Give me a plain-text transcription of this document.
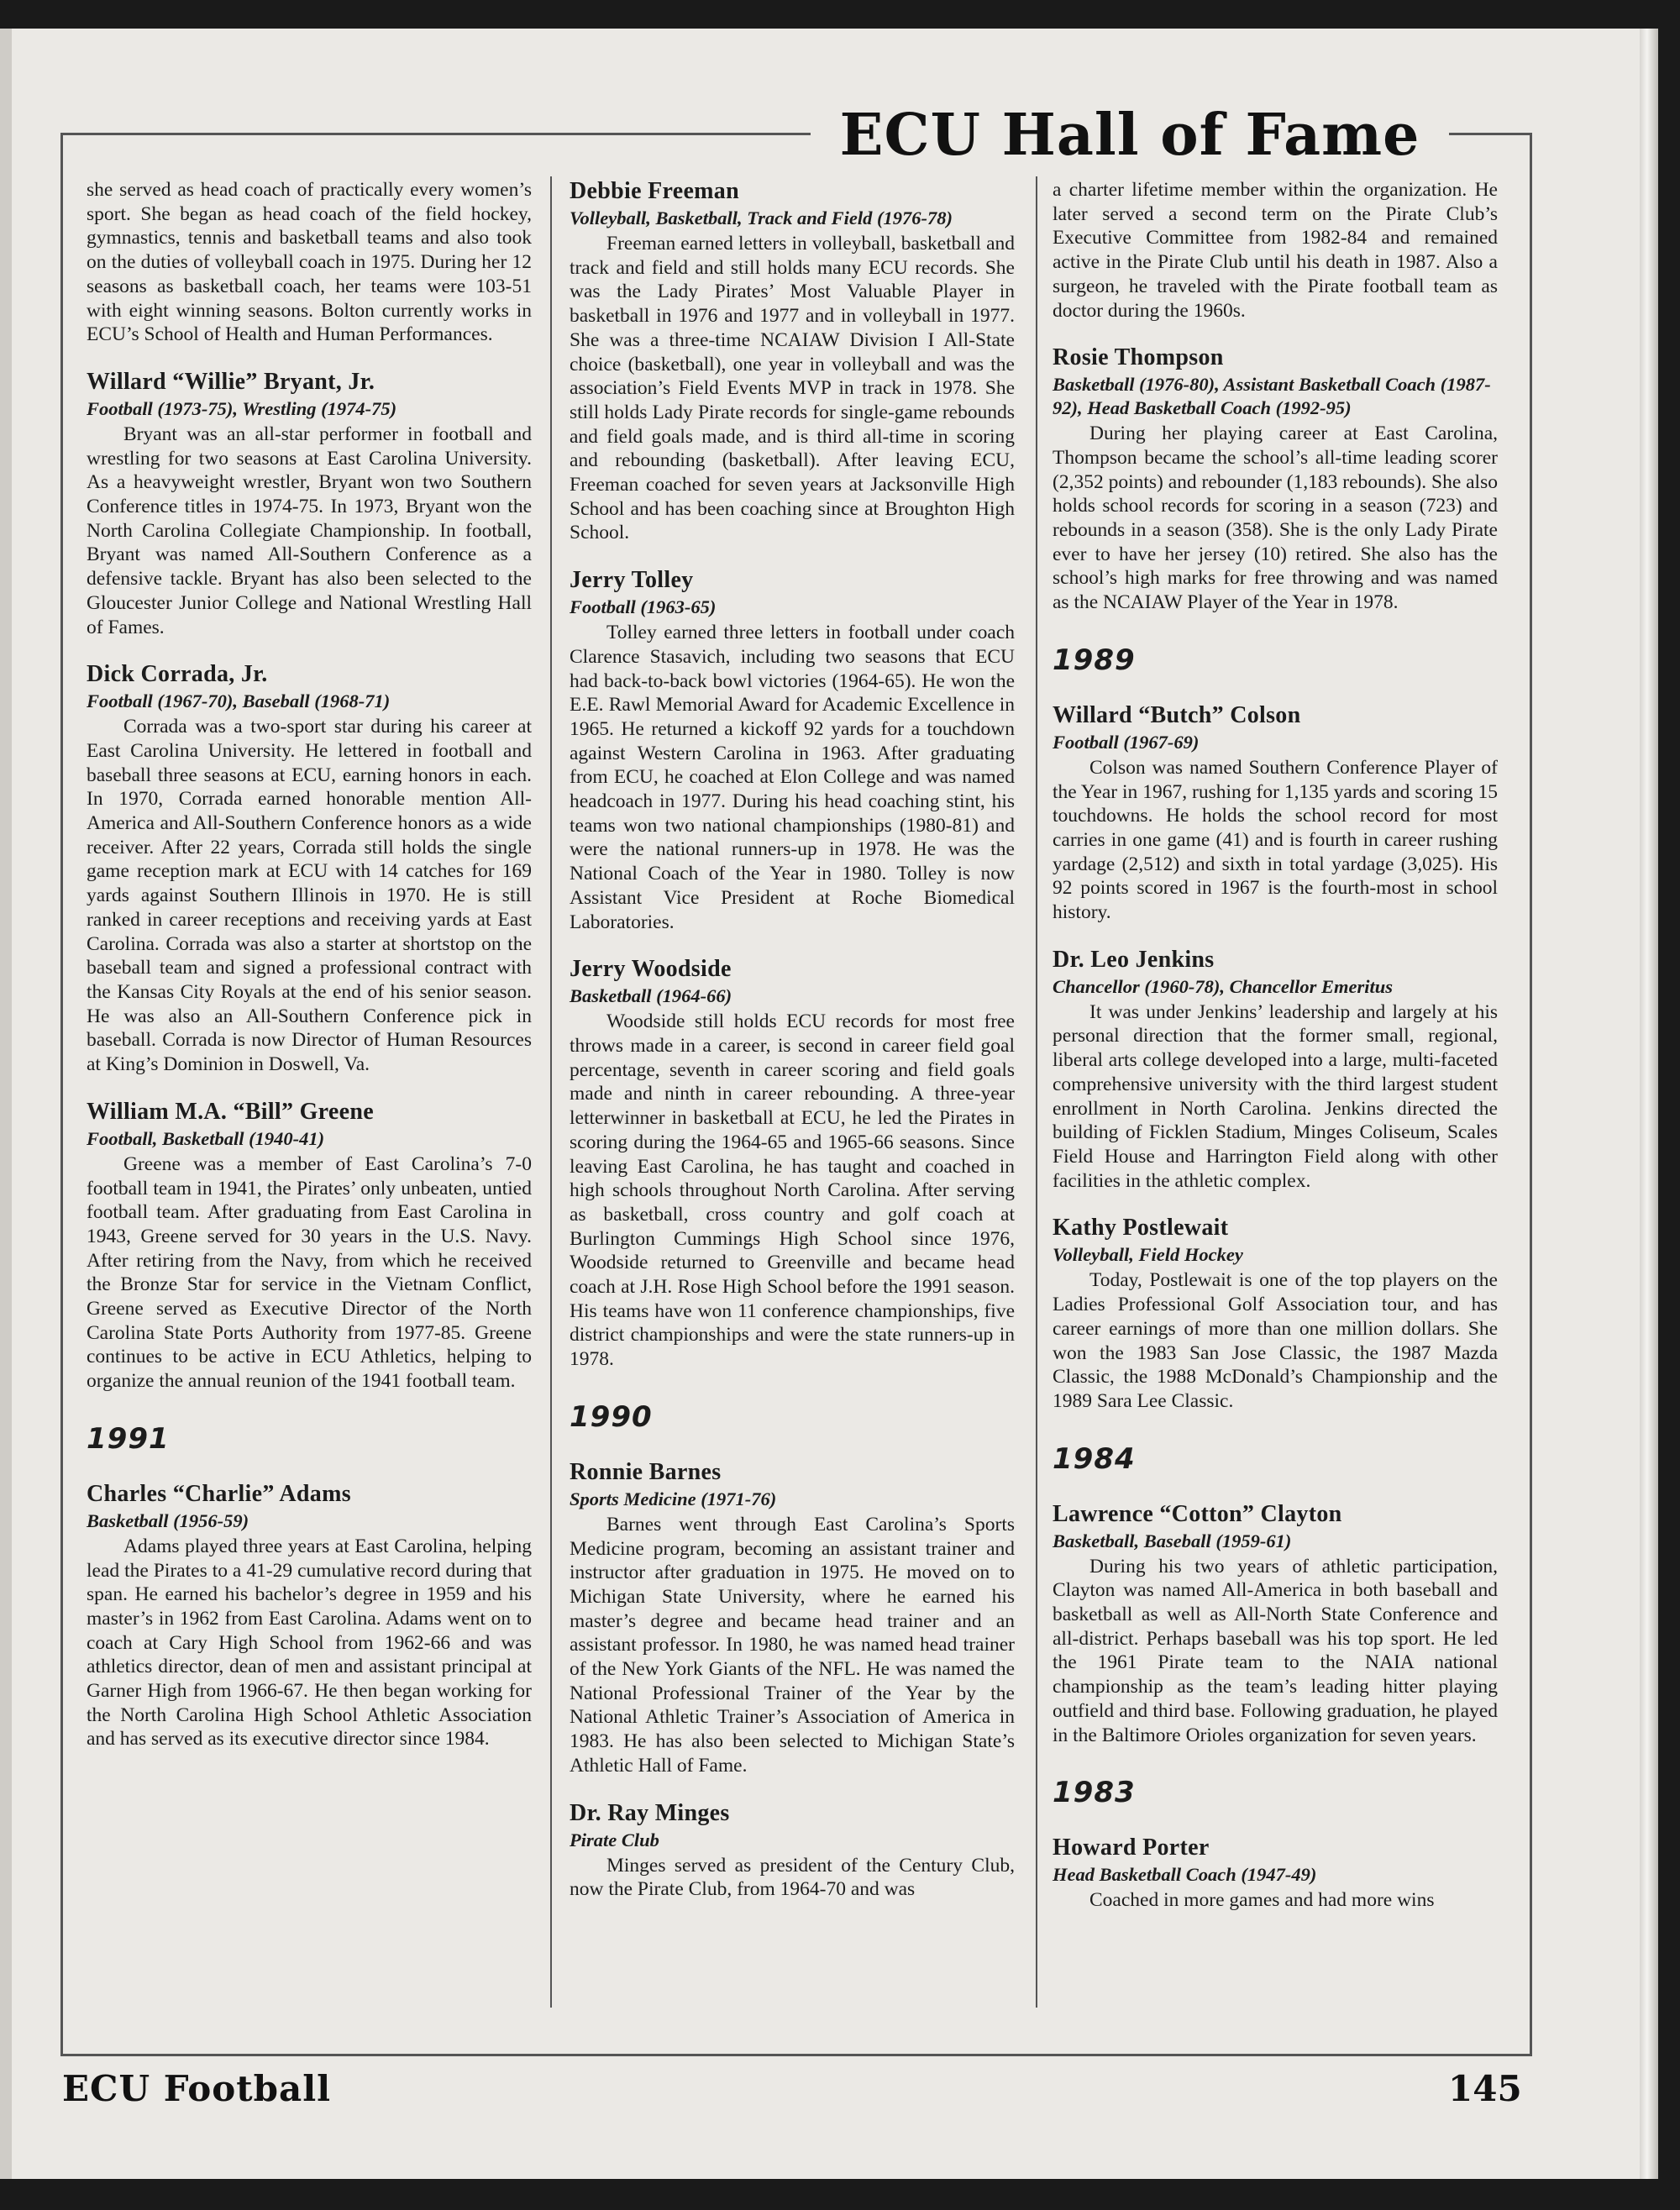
ECU Hall of Fame

she served as head coach of practically every women’s sport. She began as head coach of the field hockey, gymnastics, tennis and basketball teams and also took on the duties of volleyball coach in 1975. During her 12 seasons as basketball coach, her teams were 103-51 with eight winning seasons. Bolton currently works in ECU’s School of Health and Human Performances.

Willard “Willie” Bryant, Jr.
Football (1973-75), Wrestling (1974-75)

Bryant was an all-star performer in football and wrestling for two seasons at East Carolina University. As a heavyweight wrestler, Bryant won two Southern Conference titles in 1974-75. In 1973, Bryant won the North Carolina Collegiate Championship. In football, Bryant was named All-Southern Conference as a defensive tackle. Bryant has also been selected to the Gloucester Junior College and National Wrestling Hall of Fames.

Dick Corrada, Jr.
Football (1967-70), Baseball (1968-71)

Corrada was a two-sport star during his career at East Carolina University. He lettered in football and baseball three seasons at ECU, earning honors in each. In 1970, Corrada earned honorable mention All-America and All-Southern Conference honors as a wide receiver. After 22 years, Corrada still holds the single game reception mark at ECU with 14 catches for 169 yards against Southern Illinois in 1970. He is still ranked in career receptions and receiving yards at East Carolina. Corrada was also a starter at shortstop on the baseball team and signed a professional contract with the Kansas City Royals at the end of his senior season. He was also an All-Southern Conference pick in baseball. Corrada is now Director of Human Resources at King’s Dominion in Doswell, Va.

William M.A. “Bill” Greene
Football, Basketball (1940-41)

Greene was a member of East Carolina’s 7-0 football team in 1941, the Pirates’ only unbeaten, untied football team. After graduating from East Carolina in 1943, Greene served for 30 years in the U.S. Navy. After retiring from the Navy, from which he received the Bronze Star for service in the Vietnam Conflict, Greene served as Executive Director of the North Carolina State Ports Authority from 1977-85. Greene continues to be active in ECU Athletics, helping to organize the annual reunion of the 1941 football team.

1991
Charles “Charlie” Adams
Basketball (1956-59)

Adams played three years at East Carolina, helping lead the Pirates to a 41-29 cumulative record during that span. He earned his bachelor’s degree in 1959 and his master’s in 1962 from East Carolina. Adams went on to coach at Cary High School from 1962-66 and was athletics director, dean of men and assistant principal at Garner High from 1966-67. He then began working for the North Carolina High School Athletic Association and has served as its executive director since 1984.

Debbie Freeman
Volleyball, Basketball, Track and Field (1976-78)

Freeman earned letters in volleyball, basketball and track and field and still holds many ECU records. She was the Lady Pirates’ Most Valuable Player in basketball in 1976 and 1977 and in volleyball in 1977. She was a three-time NCAIAW Division I All-State choice (basketball), one year in volleyball and was the association’s Field Events MVP in track in 1978. She still holds Lady Pirate records for single-game rebounds and field goals made, and is third all-time in scoring and rebounding (basketball). After leaving ECU, Freeman coached for seven years at Jacksonville High School and has been coaching since at Broughton High School.

Jerry Tolley
Football (1963-65)

Tolley earned three letters in football under coach Clarence Stasavich, including two seasons that ECU had back-to-back bowl victories (1964-65). He won the E.E. Rawl Memorial Award for Academic Excellence in 1965. He returned a kickoff 92 yards for a touchdown against Western Carolina in 1963. After graduating from ECU, he coached at Elon College and was named headcoach in 1977. During his head coaching stint, his teams won two national championships (1980-81) and were the national runners-up in 1978. He was the National Coach of the Year in 1980. Tolley is now Assistant Vice President at Roche Biomedical Laboratories.

Jerry Woodside
Basketball (1964-66)

Woodside still holds ECU records for most free throws made in a career, is second in career field goal percentage, seventh in career scoring and field goals made and ninth in career rebounding. A three-year letterwinner in basketball at ECU, he led the Pirates in scoring during the 1964-65 and 1965-66 seasons. Since leaving East Carolina, he has taught and coached in high schools throughout North Carolina. After serving as basketball, cross country and golf coach at Burlington Cummings High School since 1976, Woodside returned to Greenville and became head coach at J.H. Rose High School before the 1991 season. His teams have won 11 conference championships, five district championships and were the state runners-up in 1978.

1990
Ronnie Barnes
Sports Medicine (1971-76)

Barnes went through East Carolina’s Sports Medicine program, becoming an assistant trainer and instructor after graduation in 1975. He moved on to Michigan State University, where he earned his master’s degree and became head trainer and an assistant professor. In 1980, he was named head trainer of the New York Giants of the NFL. He was named the National Professional Trainer of the Year by the National Athletic Trainer’s Association of America in 1983. He has also been selected to Michigan State’s Athletic Hall of Fame.

Dr. Ray Minges
Pirate Club

Minges served as president of the Century Club, now the Pirate Club, from 1964-70 and was

a charter lifetime member within the organization. He later served a second term on the Pirate Club’s Executive Committee from 1982-84 and remained active in the Pirate Club until his death in 1987. Also a surgeon, he traveled with the Pirate football team as doctor during the 1960s.

Rosie Thompson
Basketball (1976-80), Assistant Basketball Coach (1987-92), Head Basketball Coach (1992-95)

During her playing career at East Carolina, Thompson became the school’s all-time leading scorer (2,352 points) and rebounder (1,183 rebounds). She also holds school records for scoring in a season (723) and rebounds in a season (358). She is the only Lady Pirate ever to have her jersey (10) retired. She also has the school’s high marks for free throwing and was named as the NCAIAW Player of the Year in 1978.

1989
Willard “Butch” Colson
Football (1967-69)

Colson was named Southern Conference Player of the Year in 1967, rushing for 1,135 yards and scoring 15 touchdowns. He holds the school record for most carries in one game (41) and is fourth in career rushing yardage (2,512) and sixth in total yardage (3,025). His 92 points scored in 1967 is the fourth-most in school history.

Dr. Leo Jenkins
Chancellor (1960-78), Chancellor Emeritus

It was under Jenkins’ leadership and largely at his personal direction that the former small, regional, liberal arts college developed into a large, multi-faceted comprehensive university with the third largest student enrollment in North Carolina. Jenkins directed the building of Ficklen Stadium, Minges Coliseum, Scales Field House and Harrington Field along with other facilities in the athletic complex.

Kathy Postlewait
Volleyball, Field Hockey

Today, Postlewait is one of the top players on the Ladies Professional Golf Association tour, and has career earnings of more than one million dollars. She won the 1983 San Jose Classic, the 1987 Mazda Classic, the 1988 McDonald’s Championship and the 1989 Sara Lee Classic.

1984
Lawrence “Cotton” Clayton
Basketball, Baseball (1959-61)

During his two years of athletic participation, Clayton was named All-America in both baseball and basketball as well as All-North State Conference and all-district. Perhaps baseball was his top sport. He led the 1961 Pirate team to the NAIA national championship as the team’s leading hitter playing outfield and third base. Following graduation, he played in the Baltimore Orioles organization for seven years.

1983
Howard Porter
Head Basketball Coach (1947-49)

Coached in more games and had more wins

ECU Football	145
